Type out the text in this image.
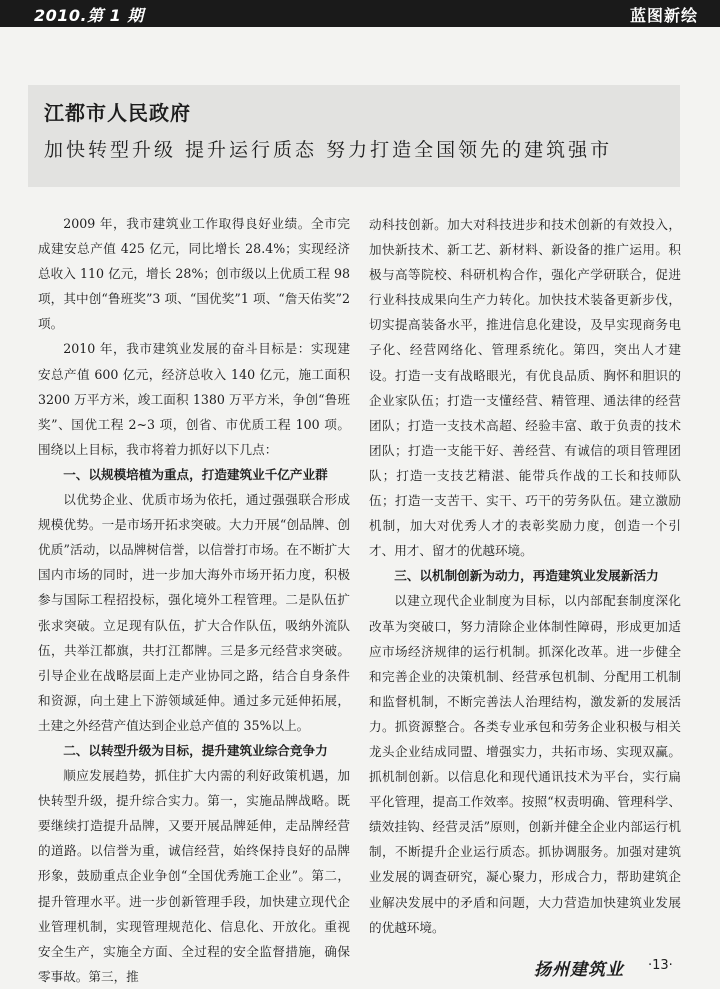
2010.第 1 期	蓝图新绘
江都市人民政府
加快转型升级 提升运行质态 努力打造全国领先的建筑强市

2009 年，我市建筑业工作取得良好业绩。全市完成建安总产值 425 亿元，同比增长 28.4%；实现经济总收入 110 亿元，增长 28%；创市级以上优质工程 98 项，其中创“鲁班奖”3 项、“国优奖”1 项、“詹天佑奖”2 项。

2010 年，我市建筑业发展的奋斗目标是：实现建安总产值 600 亿元，经济总收入 140 亿元，施工面积 3200 万平方米，竣工面积 1380 万平方米，争创“鲁班奖”、国优工程 2~3 项，创省、市优质工程 100 项。围绕以上目标，我市将着力抓好以下几点：

一、以规模培植为重点，打造建筑业千亿产业群

以优势企业、优质市场为依托，通过强强联合形成规模优势。一是市场开拓求突破。大力开展“创品牌、创优质”活动，以品牌树信誉，以信誉打市场。在不断扩大国内市场的同时，进一步加大海外市场开拓力度，积极参与国际工程招投标，强化境外工程管理。二是队伍扩张求突破。立足现有队伍，扩大合作队伍，吸纳外流队伍，共举江都旗，共打江都牌。三是多元经营求突破。引导企业在战略层面上走产业协同之路，结合自身条件和资源，向土建上下游领域延伸。通过多元延伸拓展，土建之外经营产值达到企业总产值的 35%以上。

二、以转型升级为目标，提升建筑业综合竞争力

顺应发展趋势，抓住扩大内需的利好政策机遇，加快转型升级，提升综合实力。第一，实施品牌战略。既要继续打造提升品牌，又要开展品牌延伸，走品牌经营的道路。以信誉为重，诚信经营，始终保持良好的品牌形象，鼓励重点企业争创“全国优秀施工企业”。第二，提升管理水平。进一步创新管理手段，加快建立现代企业管理机制，实现管理规范化、信息化、开放化。重视安全生产，实施全方面、全过程的安全监督措施，确保零事故。第三，推

动科技创新。加大对科技进步和技术创新的有效投入，加快新技术、新工艺、新材料、新设备的推广运用。积极与高等院校、科研机构合作，强化产学研联合，促进行业科技成果向生产力转化。加快技术装备更新步伐，切实提高装备水平，推进信息化建设，及早实现商务电子化、经营网络化、管理系统化。第四，突出人才建设。打造一支有战略眼光，有优良品质、胸怀和胆识的企业家队伍；打造一支懂经营、精管理、通法律的经营团队；打造一支技术高超、经验丰富、敢于负责的技术团队；打造一支能干好、善经营、有诚信的项目管理团队；打造一支技艺精湛、能带兵作战的工长和技师队伍；打造一支苦干、实干、巧干的劳务队伍。建立激励机制，加大对优秀人才的表彰奖励力度，创造一个引才、用才、留才的优越环境。

三、以机制创新为动力，再造建筑业发展新活力

以建立现代企业制度为目标，以内部配套制度深化改革为突破口，努力清除企业体制性障碍，形成更加适应市场经济规律的运行机制。抓深化改革。进一步健全和完善企业的决策机制、经营承包机制、分配用工机制和监督机制，不断完善法人治理结构，激发新的发展活力。抓资源整合。各类专业承包和劳务企业积极与相关龙头企业结成同盟、增强实力，共拓市场、实现双赢。抓机制创新。以信息化和现代通讯技术为平台，实行扁平化管理，提高工作效率。按照“权责明确、管理科学、绩效挂钩、经营灵活”原则，创新并健全企业内部运行机制，不断提升企业运行质态。抓协调服务。加强对建筑业发展的调查研究，凝心聚力，形成合力，帮助建筑企业解决发展中的矛盾和问题，大力营造加快建筑业发展的优越环境。

扬州建筑业 ·13·
